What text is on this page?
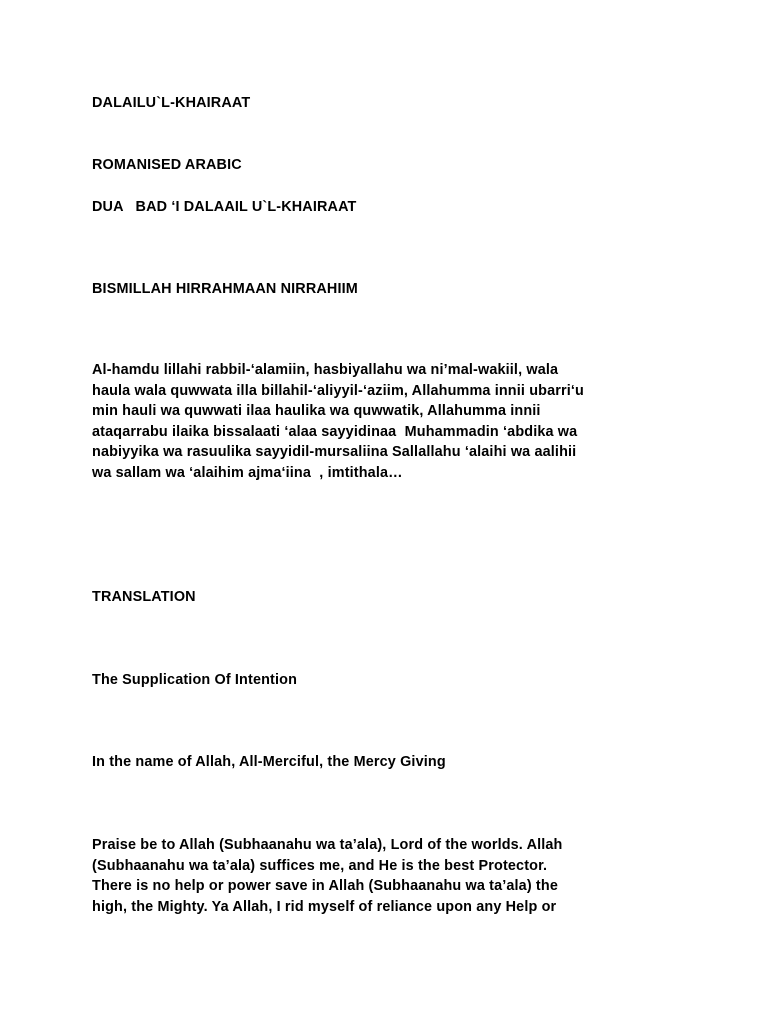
DALAILU`L-KHAIRAAT
ROMANISED ARABIC
DUA   BAD ‘I DALAAIL U`L-KHAIRAAT
BISMILLAH HIRRAHMAAN NIRRAHIIM
Al-hamdu lillahi rabbil-‘alamiin, hasbiyallahu wa ni’mal-wakiil, wala
haula wala quwwata illa billahil-‘aliyyil-‘aziim, Allahumma innii ubarri‘u
min hauli wa quwwati ilaa haulika wa quwwatik, Allahumma innii
ataqarrabu ilaika bissalaati ‘alaa sayyidinaa  Muhammadin ‘abdika wa
nabiyyika wa rasuulika sayyidil-mursaliina Sallallahu ‘alaihi wa aalihii
wa sallam wa ‘alaihim ajma‘iina  , imtithala…
TRANSLATION
The Supplication Of Intention
In the name of Allah, All-Merciful, the Mercy Giving
Praise be to Allah (Subhaanahu wa ta’ala), Lord of the worlds. Allah
(Subhaanahu wa ta’ala) suffices me, and He is the best Protector.
There is no help or power save in Allah (Subhaanahu wa ta’ala) the
high, the Mighty. Ya Allah, I rid myself of reliance upon any Help or
